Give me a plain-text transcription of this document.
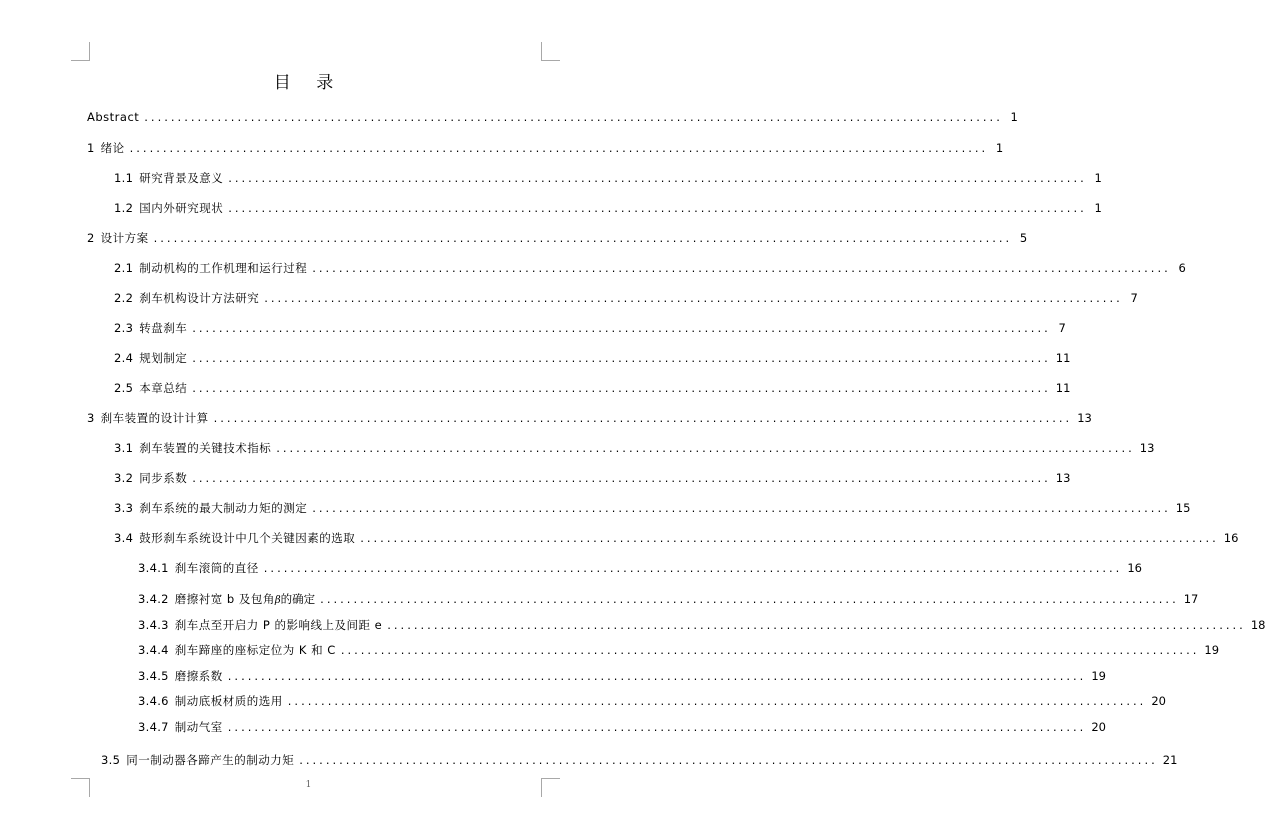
目 录
Abstract ................................................................................................................................. 1
1 绪论 ................................................................................................................................. 1
1.1 研究背景及意义 ................................................................................................................................. 1
1.2 国内外研究现状 ................................................................................................................................. 1
2 设计方案 ................................................................................................................................. 5
2.1 制动机构的工作机理和运行过程 ................................................................................................................................. 6
2.2 刹车机构设计方法研究 ................................................................................................................................. 7
2.3 转盘刹车 ................................................................................................................................. 7
2.4 规划制定 ................................................................................................................................. 11
2.5 本章总结 ................................................................................................................................. 11
3 刹车装置的设计计算 ................................................................................................................................. 13
3.1 刹车装置的关键技术指标 ................................................................................................................................. 13
3.2 同步系数 ................................................................................................................................. 13
3.3 刹车系统的最大制动力矩的测定 ................................................................................................................................. 15
3.4 鼓形刹车系统设计中几个关键因素的选取 ................................................................................................................................. 16
3.4.1 刹车滚筒的直径 ................................................................................................................................. 16
3.4.2 磨擦衬宽 b 及包角 β 的确定 ................................................................................................................................. 17
3.4.3 刹车点至开启力 P 的影响线上及间距 e ................................................................................................................................. 18
3.4.4 刹车蹄座的座标定位为 K 和 C ................................................................................................................................. 19
3.4.5 磨擦系数 ................................................................................................................................. 19
3.4.6 制动底板材质的选用 ................................................................................................................................. 20
3.4.7 制动气室 ................................................................................................................................. 20
3.5 同一制动器各蹄产生的制动力矩 ................................................................................................................................. 21
1
